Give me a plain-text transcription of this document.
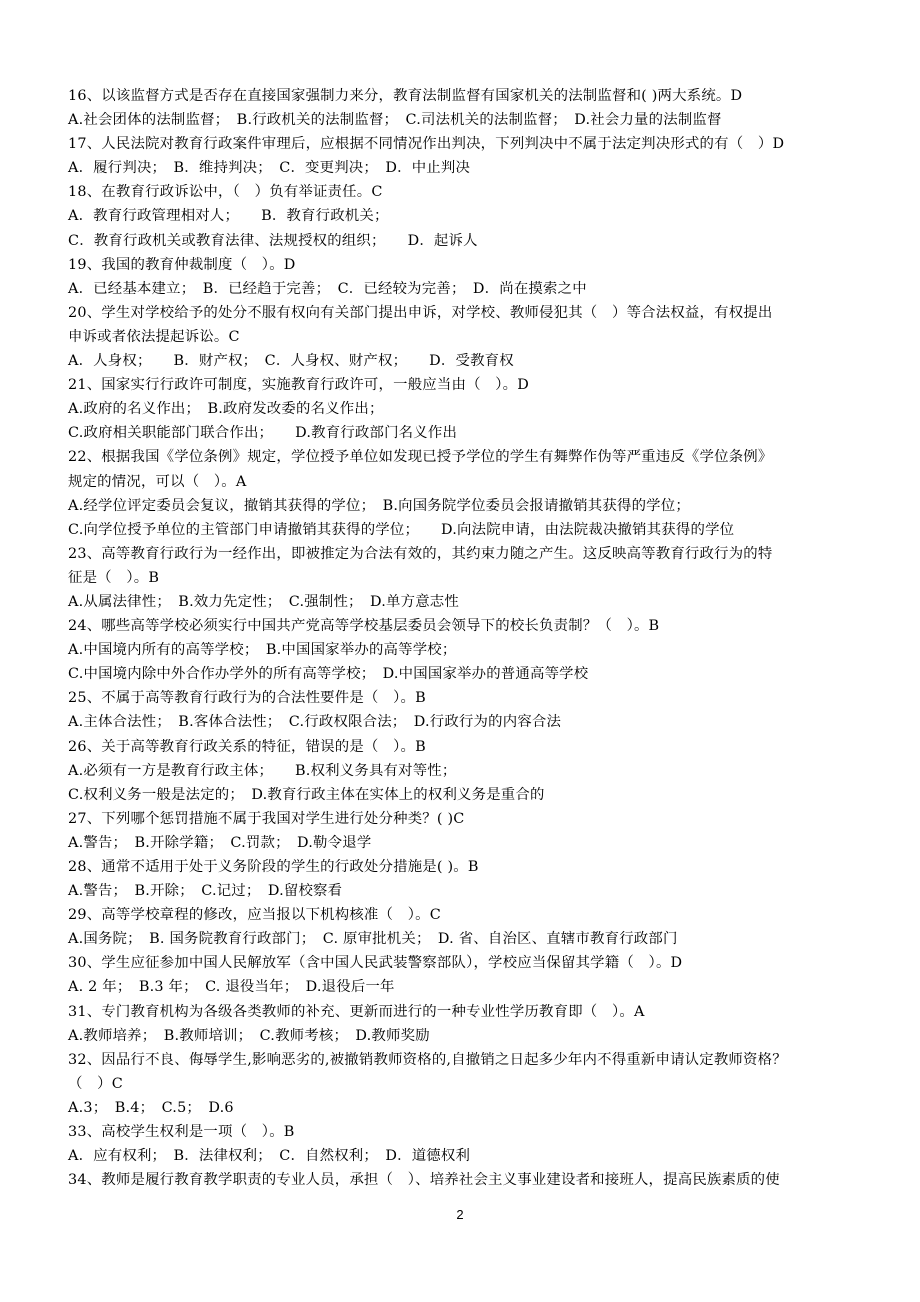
16、以该监督方式是否存在直接国家强制力来分，教育法制监督有国家机关的法制监督和( )两大系统。D
A.社会团体的法制监督；　B.行政机关的法制监督；　C.司法机关的法制监督；　D.社会力量的法制监督
17、人民法院对教育行政案件审理后，应根据不同情况作出判决，下列判决中不属于法定判决形式的有（　）D
A．履行判决；　B．维持判决；　C．变更判决；　D．中止判决
18、在教育行政诉讼中，（　）负有举证责任。C
A．教育行政管理相对人；　　B．教育行政机关；
C．教育行政机关或教育法律、法规授权的组织；　　D．起诉人
19、我国的教育仲裁制度（　）。D
A．已经基本建立；　B．已经趋于完善；　C．已经较为完善；　D．尚在摸索之中
20、学生对学校给予的处分不服有权向有关部门提出申诉，对学校、教师侵犯其（　）等合法权益，有权提出
申诉或者依法提起诉讼。C
A．人身权；　　B．财产权；　C．人身权、财产权；　　D．受教育权
21、国家实行行政许可制度，实施教育行政许可，一般应当由（　）。D
A.政府的名义作出；　B.政府发改委的名义作出；
C.政府相关职能部门联合作出；　　D.教育行政部门名义作出
22、根据我国《学位条例》规定，学位授予单位如发现已授予学位的学生有舞弊作伪等严重违反《学位条例》
规定的情况，可以（　）。A
A.经学位评定委员会复议，撤销其获得的学位；　B.向国务院学位委员会报请撤销其获得的学位；
C.向学位授予单位的主管部门申请撤销其获得的学位；　　D.向法院申请，由法院裁决撤销其获得的学位
23、高等教育行政行为一经作出，即被推定为合法有效的，其约束力随之产生。这反映高等教育行政行为的特
征是（　）。B
A.从属法律性；　B.效力先定性；　C.强制性；　D.单方意志性
24、哪些高等学校必须实行中国共产党高等学校基层委员会领导下的校长负责制？（　）。B
A.中国境内所有的高等学校；　B.中国国家举办的高等学校；
C.中国境内除中外合作办学外的所有高等学校；　D.中国国家举办的普通高等学校
25、不属于高等教育行政行为的合法性要件是（　）。B
A.主体合法性；　B.客体合法性；　C.行政权限合法；　D.行政行为的内容合法
26、关于高等教育行政关系的特征，错误的是（　）。B
A.必须有一方是教育行政主体；　　B.权利义务具有对等性；
C.权利义务一般是法定的；　D.教育行政主体在实体上的权利义务是重合的
27、下列哪个惩罚措施不属于我国对学生进行处分种类？( )C
A.警告；　B.开除学籍；　C.罚款；　D.勒令退学
28、通常不适用于处于义务阶段的学生的行政处分措施是( )。B
A.警告；　B.开除；　C.记过；　D.留校察看
29、高等学校章程的修改，应当报以下机构核准（　）。C
A.国务院；　B. 国务院教育行政部门；　C. 原审批机关；　D. 省、自治区、直辖市教育行政部门
30、学生应征参加中国人民解放军（含中国人民武装警察部队），学校应当保留其学籍（　）。D
A. 2 年；　B.3 年；　C. 退役当年；　D.退役后一年
31、专门教育机构为各级各类教师的补充、更新而进行的一种专业性学历教育即（　）。A
A.教师培养；　B.教师培训；　C.教师考核；　D.教师奖励
32、因品行不良、侮辱学生,影响恶劣的,被撤销教师资格的,自撤销之日起多少年内不得重新申请认定教师资格？
（　）C
A.3；　B.4；　C.5；　D.6
33、高校学生权利是一项（　）。B
A．应有权利；　B．法律权利；　C．自然权利；　D．道德权利
34、教师是履行教育教学职责的专业人员，承担（　）、培养社会主义事业建设者和接班人，提高民族素质的使
2
